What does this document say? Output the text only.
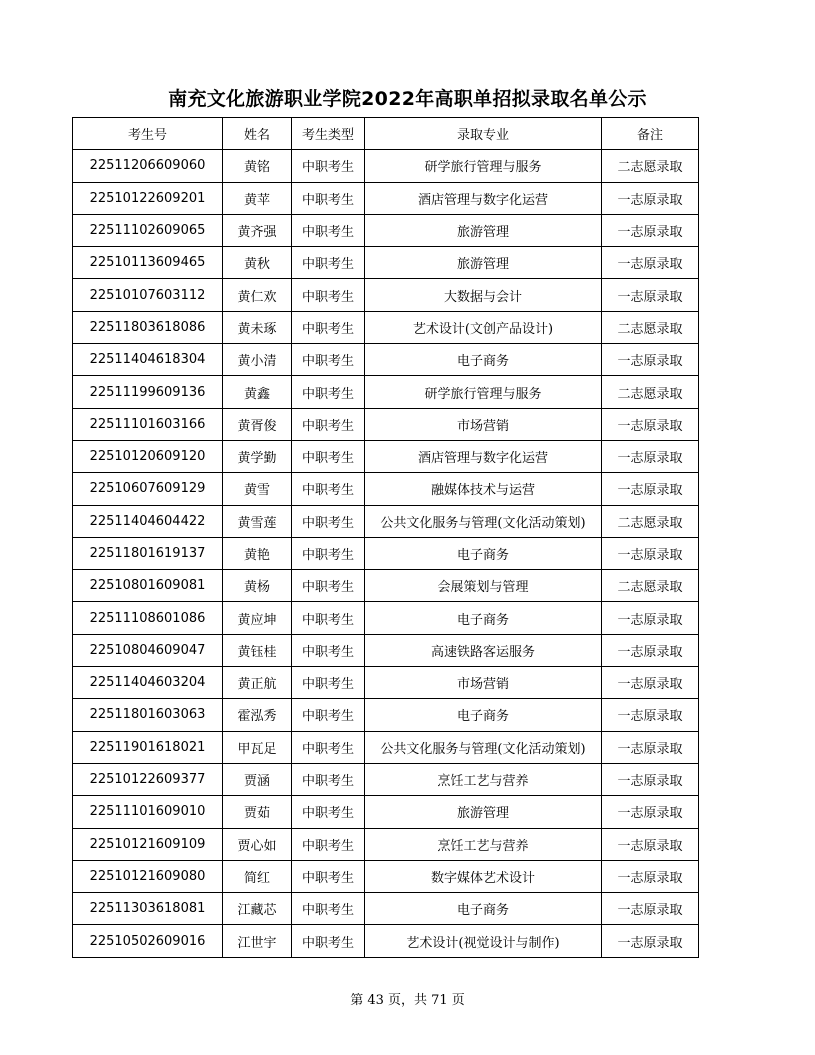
南充文化旅游职业学院2022年高职单招拟录取名单公示
考生号	姓名	考生类型	录取专业	备注
22511206609060	黄铭	中职考生	研学旅行管理与服务	二志愿录取
22510122609201	黄苹	中职考生	酒店管理与数字化运营	一志原录取
22511102609065	黄齐强	中职考生	旅游管理	一志原录取
22510113609465	黄秋	中职考生	旅游管理	一志原录取
22510107603112	黄仁欢	中职考生	大数据与会计	一志原录取
22511803618086	黄未琢	中职考生	艺术设计(文创产品设计)	二志愿录取
22511404618304	黄小清	中职考生	电子商务	一志原录取
22511199609136	黄鑫	中职考生	研学旅行管理与服务	二志愿录取
22511101603166	黄胥俊	中职考生	市场营销	一志原录取
22510120609120	黄学勤	中职考生	酒店管理与数字化运营	一志原录取
22510607609129	黄雪	中职考生	融媒体技术与运营	一志原录取
22511404604422	黄雪莲	中职考生	公共文化服务与管理(文化活动策划)	二志愿录取
22511801619137	黄艳	中职考生	电子商务	一志原录取
22510801609081	黄杨	中职考生	会展策划与管理	二志愿录取
22511108601086	黄应坤	中职考生	电子商务	一志原录取
22510804609047	黄钰桂	中职考生	高速铁路客运服务	一志原录取
22511404603204	黄正航	中职考生	市场营销	一志原录取
22511801603063	霍泓秀	中职考生	电子商务	一志原录取
22511901618021	甲瓦足	中职考生	公共文化服务与管理(文化活动策划)	一志原录取
22510122609377	贾涵	中职考生	烹饪工艺与营养	一志原录取
22511101609010	贾茹	中职考生	旅游管理	一志原录取
22510121609109	贾心如	中职考生	烹饪工艺与营养	一志原录取
22510121609080	简红	中职考生	数字媒体艺术设计	一志原录取
22511303618081	江藏芯	中职考生	电子商务	一志原录取
22510502609016	江世宇	中职考生	艺术设计(视觉设计与制作)	一志原录取
第 43 页，共 71 页
